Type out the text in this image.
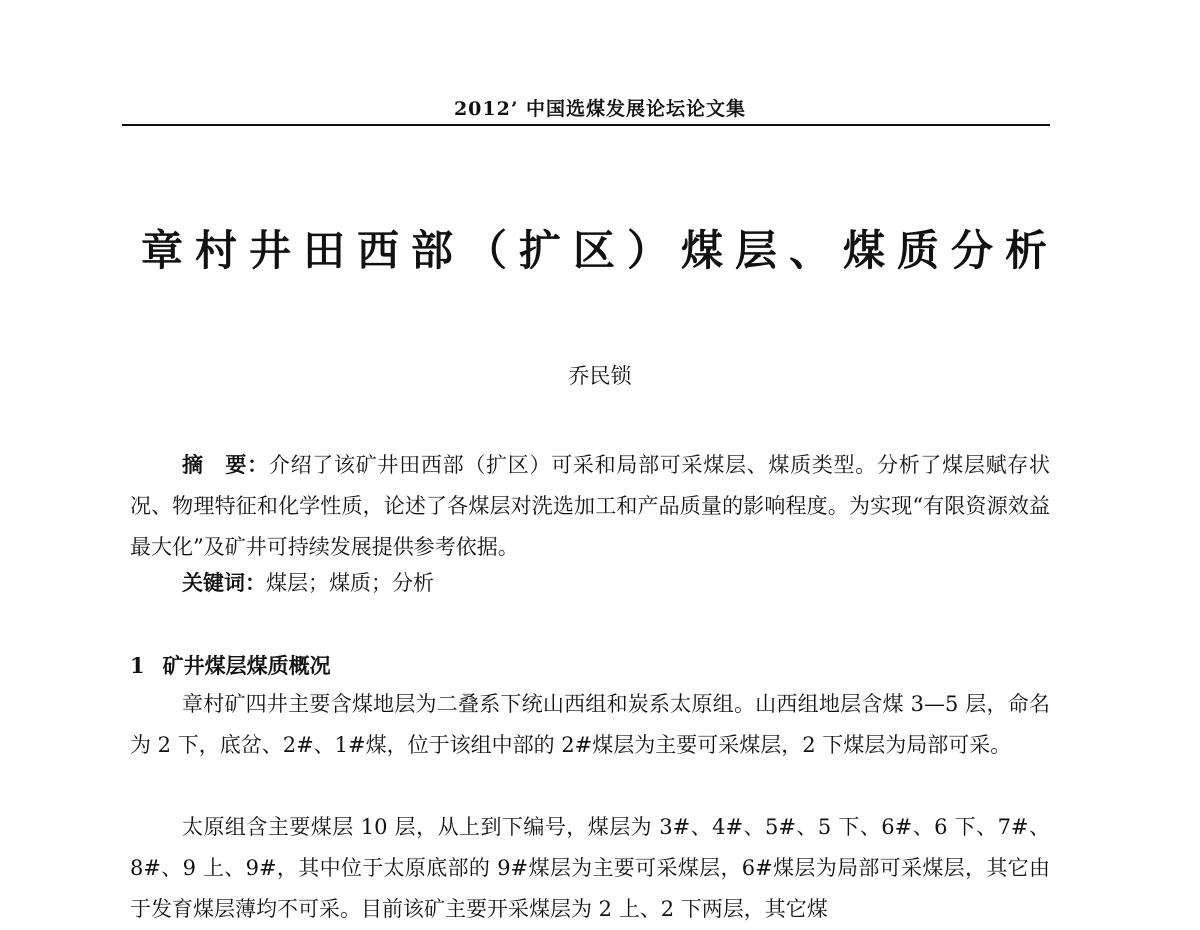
2012’ 中国选煤发展论坛论文集
章村井田西部（扩区）煤层、煤质分析
乔民锁

摘　要：介绍了该矿井田西部（扩区）可采和局部可采煤层、煤质类型。分析了煤层赋存状况、物理特征和化学性质，论述了各煤层对洗选加工和产品质量的影响程度。为实现“有限资源效益最大化”及矿井可持续发展提供参考依据。

关键词：煤层；煤质；分析
1 矿井煤层煤质概况

章村矿四井主要含煤地层为二叠系下统山西组和炭系太原组。山西组地层含煤 3—5 层，命名为 2 下，底岔、2#、1#煤，位于该组中部的 2#煤层为主要可采煤层，2 下煤层为局部可采。

太原组含主要煤层 10 层，从上到下编号，煤层为 3#、4#、5#、5 下、6#、6 下、7#、8#、9 上、9#，其中位于太原底部的 9#煤层为主要可采煤层，6#煤层为局部可采煤层，其它由于发育煤层薄均不可采。目前该矿主要开采煤层为 2 上、2 下两层，其它煤
